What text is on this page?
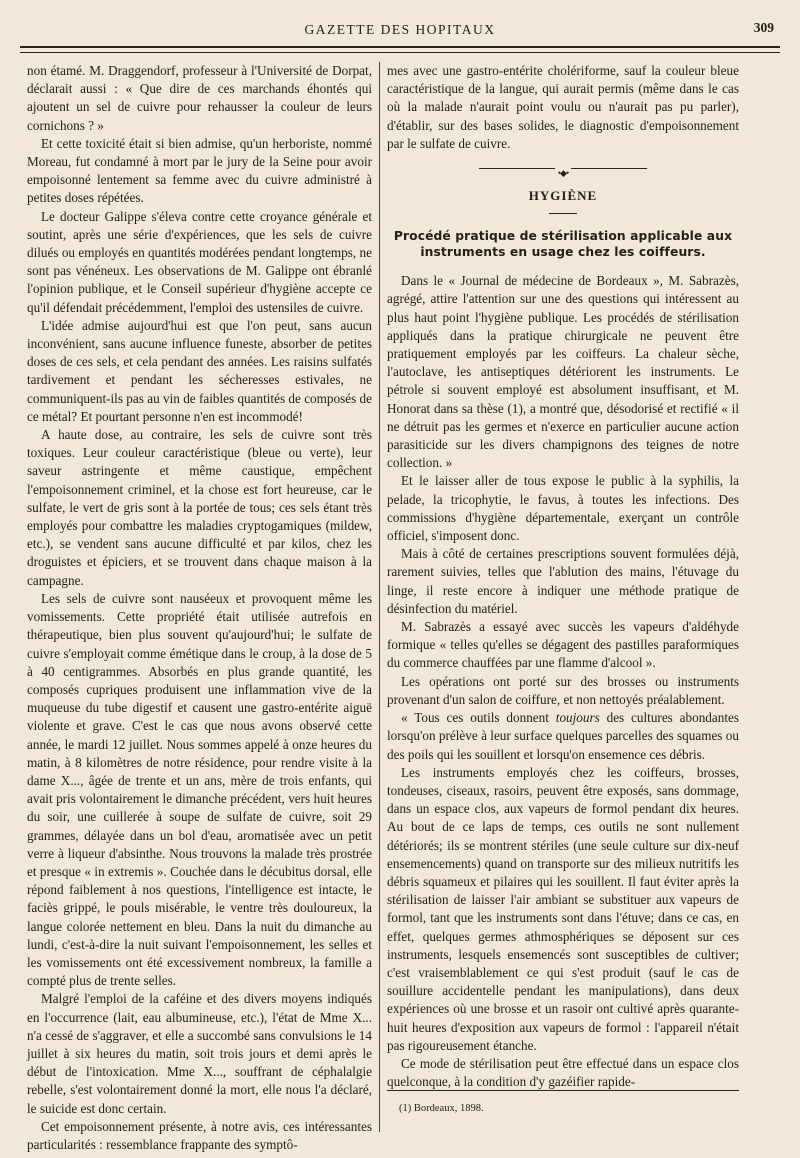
GAZETTE DES HOPITAUX	309

non étamé. M. Draggendorf, professeur à l'Université de Dorpat, déclarait aussi : « Que dire de ces marchands éhontés qui ajoutent un sel de cuivre pour rehausser la couleur de leurs cornichons ? »

Et cette toxicité était si bien admise, qu'un herboriste, nommé Moreau, fut condamné à mort par le jury de la Seine pour avoir empoisonné lentement sa femme avec du cuivre administré à petites doses répétées.

Le docteur Galippe s'éleva contre cette croyance générale et soutint, après une série d'expériences, que les sels de cuivre dilués ou employés en quantités modérées pendant longtemps, ne sont pas vénéneux. Les observations de M. Galippe ont ébranlé l'opinion publique, et le Conseil supérieur d'hygiène accepte ce qu'il défendait précédemment, l'emploi des ustensiles de cuivre.

L'idée admise aujourd'hui est que l'on peut, sans aucun inconvénient, sans aucune influence funeste, absorber de petites doses de ces sels, et cela pendant des années. Les raisins sulfatés tardivement et pendant les sécheresses estivales, ne communiquent-ils pas au vin de faibles quantités de composés de ce métal? Et pourtant personne n'en est incommodé!

A haute dose, au contraire, les sels de cuivre sont très toxiques. Leur couleur caractéristique (bleue ou verte), leur saveur astringente et même caustique, empêchent l'empoisonnement criminel, et la chose est fort heureuse, car le sulfate, le vert de gris sont à la portée de tous; ces sels étant très employés pour combattre les maladies cryptogamiques (mildew, etc.), se vendent sans aucune difficulté et par kilos, chez les droguistes et épiciers, et se trouvent dans chaque maison à la campagne.

Les sels de cuivre sont nauséeux et provoquent même les vomissements. Cette propriété était utilisée autrefois en thérapeutique, bien plus souvent qu'aujourd'hui; le sulfate de cuivre s'employait comme émétique dans le croup, à la dose de 5 à 40 centigrammes. Absorbés en plus grande quantité, les composés cupriques produisent une inflammation vive de la muqueuse du tube digestif et causent une gastro-entérite aiguë violente et grave. C'est le cas que nous avons observé cette année, le mardi 12 juillet. Nous sommes appelé à onze heures du matin, à 8 kilomètres de notre résidence, pour rendre visite à la dame X..., âgée de trente et un ans, mère de trois enfants, qui avait pris volontairement le dimanche précédent, vers huit heures du soir, une cuillerée à soupe de sulfate de cuivre, soit 29 grammes, délayée dans un bol d'eau, aromatisée avec un petit verre à liqueur d'absinthe. Nous trouvons la malade très prostrée et presque « in extremis ». Couchée dans le décubitus dorsal, elle répond faiblement à nos questions, l'intelligence est intacte, le faciès grippé, le pouls misérable, le ventre très douloureux, la langue colorée nettement en bleu. Dans la nuit du dimanche au lundi, c'est-à-dire la nuit suivant l'empoisonnement, les selles et les vomissements ont été excessivement nombreux, la famille a compté plus de trente selles.

Malgré l'emploi de la caféine et des divers moyens indiqués en l'occurrence (lait, eau albumineuse, etc.), l'état de Mme X... n'a cessé de s'aggraver, et elle a succombé sans convulsions le 14 juillet à six heures du matin, soit trois jours et demi après le début de l'intoxication. Mme X..., souffrant de céphalalgie rebelle, s'est volontairement donné la mort, elle nous l'a déclaré, le suicide est donc certain.

Cet empoisonnement présente, à notre avis, ces intéressantes particularités : ressemblance frappante des symptô-

mes avec une gastro-entérite cholériforme, sauf la couleur bleue caractéristique de la langue, qui aurait permis (même dans le cas où la malade n'aurait point voulu ou n'aurait pas pu parler), d'établir, sur des bases solides, le diagnostic d'empoisonnement par le sulfate de cuivre.

•◆•
HYGIÈNE
Procédé pratique de stérilisation applicable aux instruments en usage chez les coiffeurs.

Dans le « Journal de médecine de Bordeaux », M. Sabrazès, agrégé, attire l'attention sur une des questions qui intéressent au plus haut point l'hygiène publique. Les procédés de stérilisation appliqués dans la pratique chirurgicale ne peuvent être pratiquement employés par les coiffeurs. La chaleur sèche, l'autoclave, les antiseptiques détériorent les instruments. Le pétrole si souvent employé est absolument insuffisant, et M. Honorat dans sa thèse (1), a montré que, désodorisé et rectifié « il ne détruit pas les germes et n'exerce en particulier aucune action parasiticide sur les divers champignons des teignes de notre collection. »

Et le laisser aller de tous expose le public à la syphilis, la pelade, la tricophytie, le favus, à toutes les infections. Des commissions d'hygiène départementale, exerçant un contrôle officiel, s'imposent donc.

Mais à côté de certaines prescriptions souvent formulées déjà, rarement suivies, telles que l'ablution des mains, l'étuvage du linge, il reste encore à indiquer une méthode pratique de désinfection du matériel.

M. Sabrazès a essayé avec succès les vapeurs d'aldéhyde formique « telles qu'elles se dégagent des pastilles paraformiques du commerce chauffées par une flamme d'alcool ».

Les opérations ont porté sur des brosses ou instruments provenant d'un salon de coiffure, et non nettoyés préalablement.

« Tous ces outils donnent toujours des cultures abondantes lorsqu'on prélève à leur surface quelques parcelles des squames ou des poils qui les souillent et lorsqu'on ensemence ces débris.

Les instruments employés chez les coiffeurs, brosses, tondeuses, ciseaux, rasoirs, peuvent être exposés, sans dommage, dans un espace clos, aux vapeurs de formol pendant dix heures. Au bout de ce laps de temps, ces outils ne sont nullement détériorés; ils se montrent stériles (une seule culture sur dix-neuf ensemencements) quand on transporte sur des milieux nutritifs les débris squameux et pilaires qui les souillent. Il faut éviter après la stérilisation de laisser l'air ambiant se substituer aux vapeurs de formol, tant que les instruments sont dans l'étuve; dans ce cas, en effet, quelques germes athmosphériques se déposent sur ces instruments, lesquels ensemencés sont susceptibles de cultiver; c'est vraisemblablement ce qui s'est produit (sauf le cas de souillure accidentelle pendant les manipulations), dans deux expériences où une brosse et un rasoir ont cultivé après quarante-huit heures d'exposition aux vapeurs de formol : l'appareil n'était pas rigoureusement étanche.

Ce mode de stérilisation peut être effectué dans un espace clos quelconque, à la condition d'y gazéifier rapide-

(1) Bordeaux, 1898.
